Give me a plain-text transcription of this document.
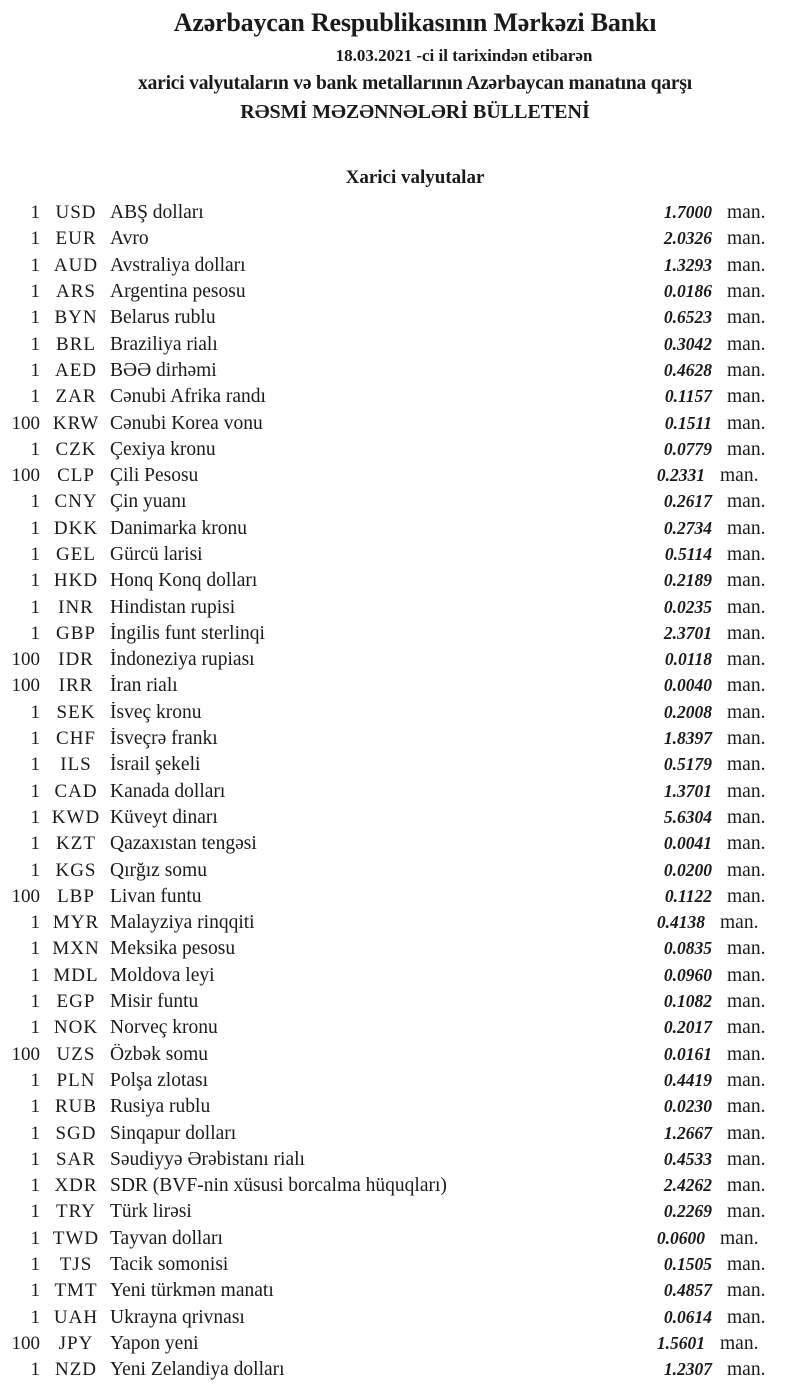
Azərbaycan Respublikasının Mərkəzi Bankı
18.03.2021 -ci il tarixindən etibarən
xarici valyutaların və bank metallarının Azərbaycan manatına qarşı
RƏSMİ MƏZƏNNƏLƏRİ BÜLLETENİ
Xarici valyutalar
1 USD ABŞ dolları	1.7000 man.
1 EUR Avro	2.0326 man.
1 AUD Avstraliya dolları	1.3293 man.
1 ARS Argentina pesosu	0.0186 man.
1 BYN Belarus rublu	0.6523 man.
1 BRL Braziliya rialı	0.3042 man.
1 AED BƏƏ dirhəmi	0.4628 man.
1 ZAR Cənubi Afrika randı	0.1157 man.
100 KRW Cənubi Korea vonu	0.1511 man.
1 CZK Çexiya kronu	0.0779 man.
100 CLP Çili Pesosu	0.2331 man.
1 CNY Çin yuanı	0.2617 man.
1 DKK Danimarka kronu	0.2734 man.
1 GEL Gürcü larisi	0.5114 man.
1 HKD Honq Konq dolları	0.2189 man.
1 INR Hindistan rupisi	0.0235 man.
1 GBP İngilis funt sterlinqi	2.3701 man.
100 IDR İndoneziya rupiası	0.0118 man.
100 IRR İran rialı	0.0040 man.
1 SEK İsveç kronu	0.2008 man.
1 CHF İsveçrə frankı	1.8397 man.
1	ILS İsrail şekeli	0.5179 man.
1 CAD Kanada dolları	1.3701 man.
1 KWD Küveyt dinarı	5.6304 man.
1 KZT Qazaxıstan tengəsi	0.0041 man.
1 KGS Qırğız somu	0.0200 man.
100 LBP Livan funtu	0.1122 man.
1 MYR Malayziya rinqqiti	0.4138 man.
1 MXN Meksika pesosu	0.0835 man.
1 MDL Moldova leyi	0.0960 man.
1 EGP Misir funtu	0.1082 man.
1 NOK Norveç kronu	0.2017 man.
100 UZS Özbək somu	0.0161 man.
1 PLN Polşa zlotası	0.4419 man.
1 RUB Rusiya rublu	0.0230 man.
1 SGD Sinqapur dolları	1.2667 man.
1 SAR Səudiyyə Ərəbistanı rialı	0.4533 man.
1 XDR SDR (BVF-nin xüsusi borcalma hüquqları)	2.4262 man.
1 TRY Türk lirəsi	0.2269 man.
1 TWD Tayvan dolları	0.0600 man.
1	TJS Tacik somonisi	0.1505 man.
1 TMT Yeni türkmən manatı	0.4857 man.
1 UAH Ukrayna qrivnası	0.0614 man.
100 JPY Yapon yeni	1.5601 man.
1 NZD Yeni Zelandiya dolları	1.2307 man.
